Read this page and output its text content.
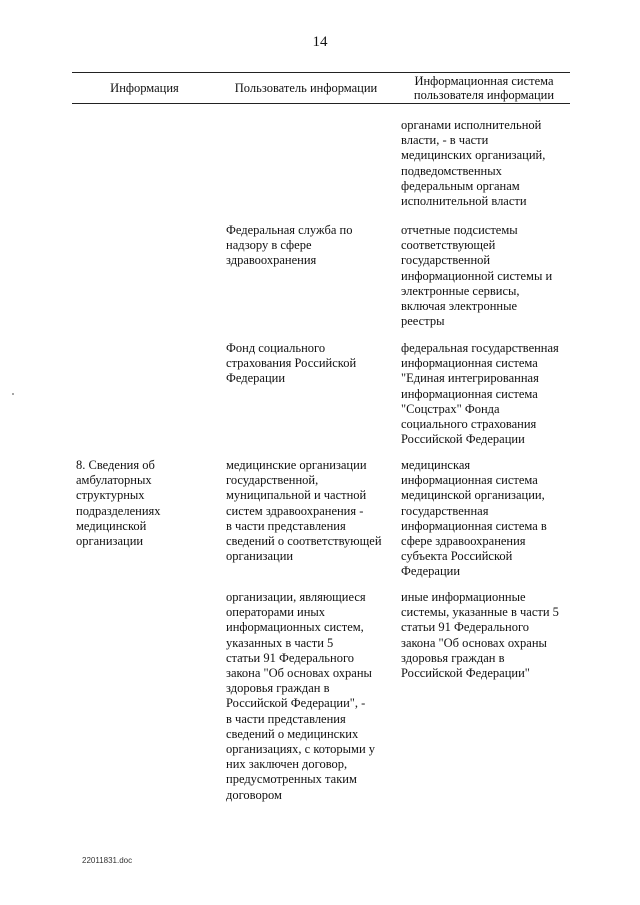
14
Информация	Пользователь информации	Информационная система
пользователя информации
органами исполнительной
власти, - в части
медицинских организаций,
подведомственных
федеральным органам
исполнительной власти
Федеральная служба по
надзору в сфере
здравоохранения
отчетные подсистемы
соответствующей
государственной
информационной системы и
электронные сервисы,
включая электронные
реестры
Фонд социального
страхования Российской
Федерации
федеральная государственная
информационная система
"Единая интегрированная
информационная система
"Соцстрах" Фонда
социального страхования
Российской Федерации
8. Сведения об
амбулаторных
структурных
подразделениях
медицинской
организации
медицинские организации
государственной,
муниципальной и частной
систем здравоохранения -
в части представления
сведений о соответствующей
организации
медицинская
информационная система
медицинской организации,
государственная
информационная система в
сфере здравоохранения
субъекта Российской
Федерации
организации, являющиеся
операторами иных
информационных систем,
указанных в части 5
статьи 91 Федерального
закона "Об основах охраны
здоровья граждан в
Российской Федерации", -
в части представления
сведений о медицинских
организациях, с которыми у
них заключен договор,
предусмотренных таким
договором
иные информационные
системы, указанные в части 5
статьи 91 Федерального
закона "Об основах охраны
здоровья граждан в
Российской Федерации"
22011831.doc
